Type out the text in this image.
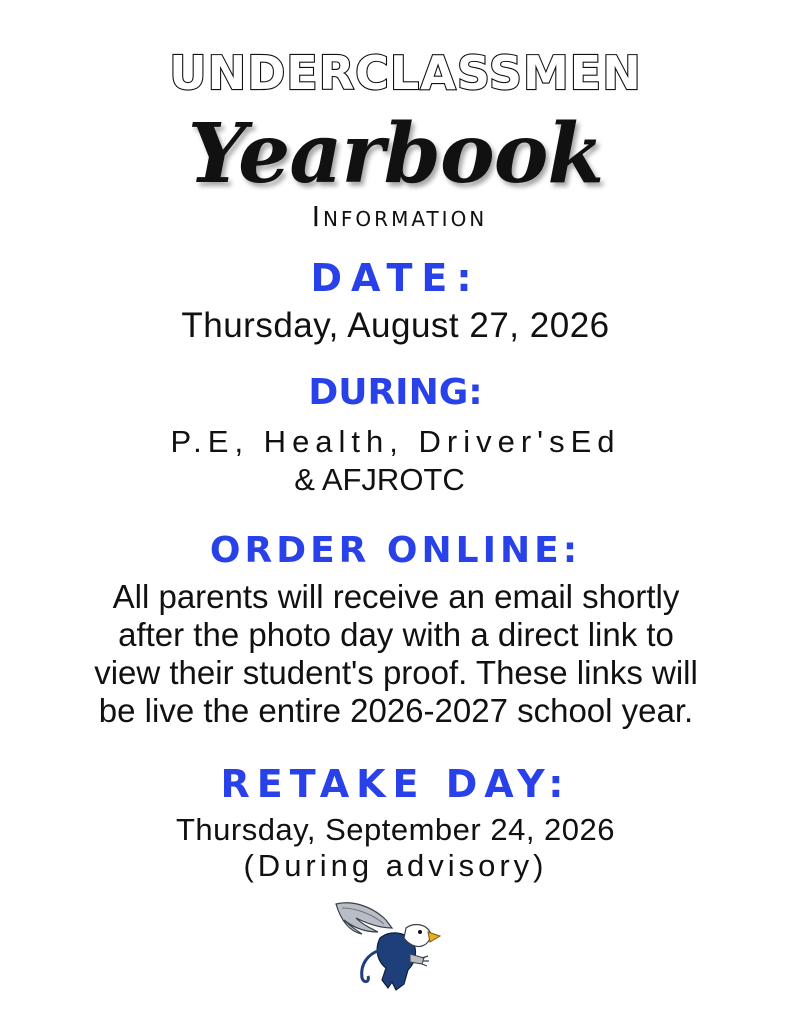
UNDERCLASSMEN
Yearbook
Information
DATE:
Thursday, August 27, 2026
DURING:
P.E, Health, Driver'sEd
& AFJROTC
ORDER ONLINE:
All parents will receive an email shortly
after the photo day with a direct link to
view their student's proof. These links will
be live the entire 2026-2027 school year.
RETAKE DAY:
Thursday, September 24, 2026
(During advisory)
